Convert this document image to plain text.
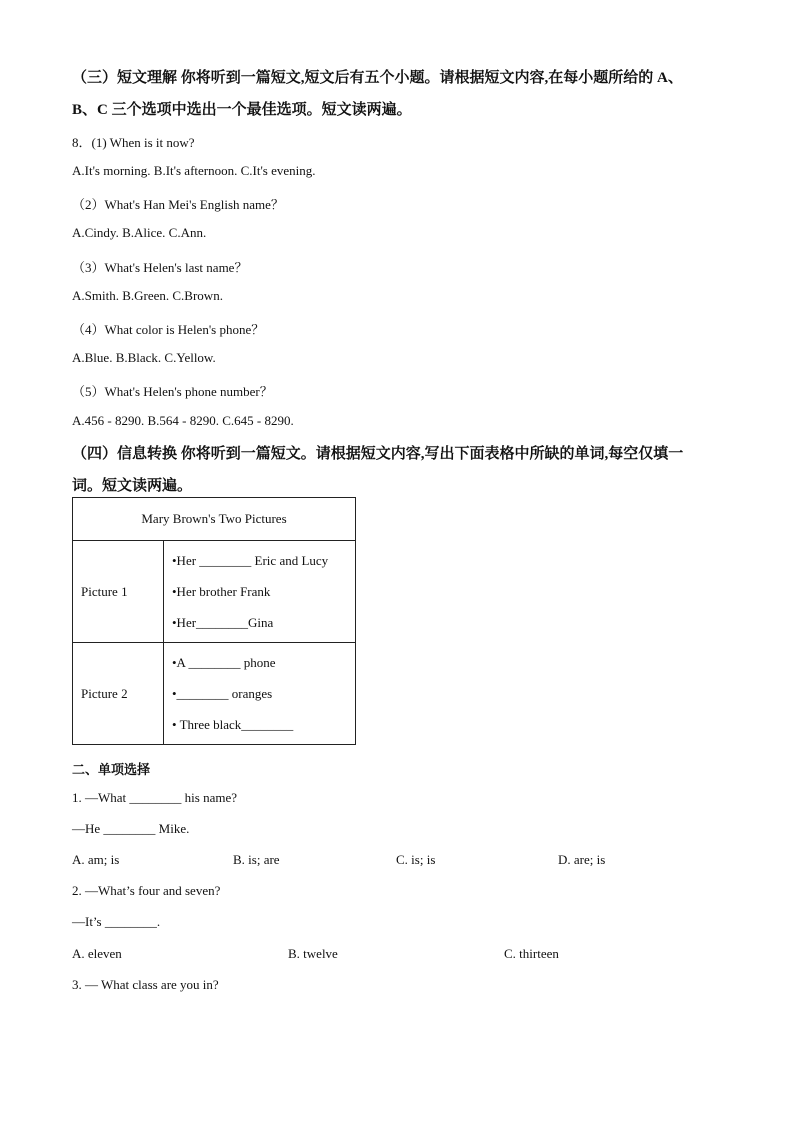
（三）短文理解 你将听到一篇短文,短文后有五个小题。请根据短文内容,在每小题所给的 A、
B、C 三个选项中选出一个最佳选项。短文读两遍。
8．(1) When is it now?
A.It's morning. B.It's afternoon. C.It's evening.
（2）What's Han Mei's English name？
A.Cindy. B.Alice. C.Ann.
（3）What's Helen's last name？
A.Smith. B.Green. C.Brown.
（4）What color is Helen's phone？
A.Blue. B.Black. C.Yellow.
（5）What's Helen's phone number？
A.456 - 8290. B.564 - 8290. C.645 - 8290.
（四）信息转换 你将听到一篇短文。请根据短文内容,写出下面表格中所缺的单词,每空仅填一
词。短文读两遍。
Mary Brown's Two Pictures	
Picture 1	•Her ________ Eric and Lucy
•Her brother Frank
•Her________Gina

Picture 2	•A ________ phone
•________ oranges
• Three black________
二、单项选择
1. —What ________ his name?
—He ________ Mike.
A. am; is	B. is; are	C. is; is	D. are; is
2. —What’s four and seven?
—It’s ________.
A. eleven	B. twelve	C. thirteen
3. — What class are you in?
